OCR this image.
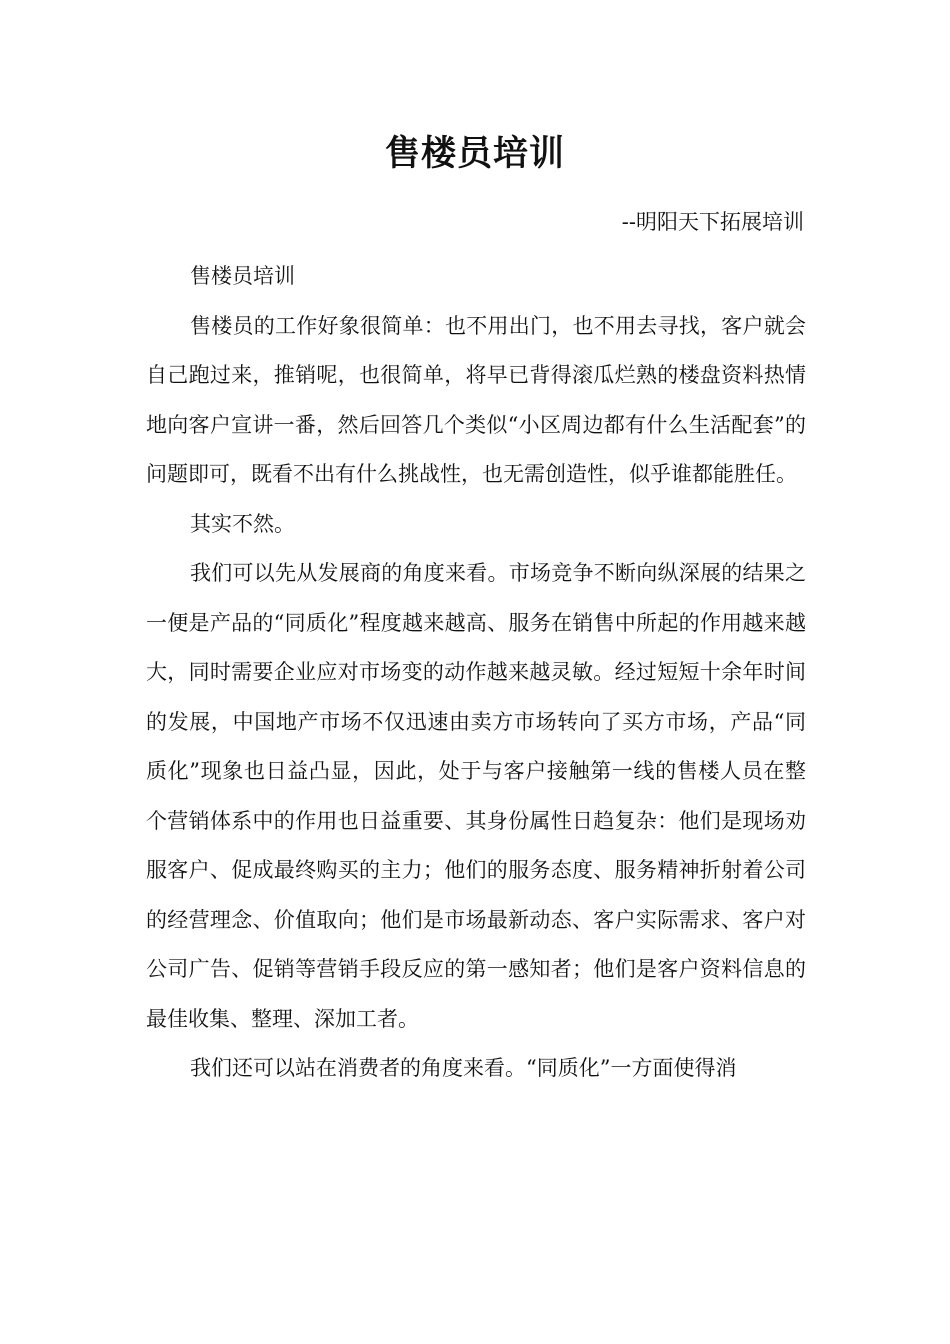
售楼员培训
--明阳天下拓展培训

售楼员培训

售楼员的工作好象很简单：也不用出门，也不用去寻找，客户就会自己跑过来，推销呢，也很简单，将早已背得滚瓜烂熟的楼盘资料热情地向客户宣讲一番，然后回答几个类似“小区周边都有什么生活配套”的问题即可，既看不出有什么挑战性，也无需创造性，似乎谁都能胜任。

其实不然。

我们可以先从发展商的角度来看。市场竞争不断向纵深展的结果之一便是产品的“同质化”程度越来越高、服务在销售中所起的作用越来越大，同时需要企业应对市场变的动作越来越灵敏。经过短短十余年时间的发展，中国地产市场不仅迅速由卖方市场转向了买方市场，产品“同质化”现象也日益凸显，因此，处于与客户接触第一线的售楼人员在整个营销体系中的作用也日益重要、其身份属性日趋复杂：他们是现场劝服客户、促成最终购买的主力；他们的服务态度、服务精神折射着公司的经营理念、价值取向；他们是市场最新动态、客户实际需求、客户对公司广告、促销等营销手段反应的第一感知者；他们是客户资料信息的最佳收集、整理、深加工者。

我们还可以站在消费者的角度来看。“同质化”一方面使得消
